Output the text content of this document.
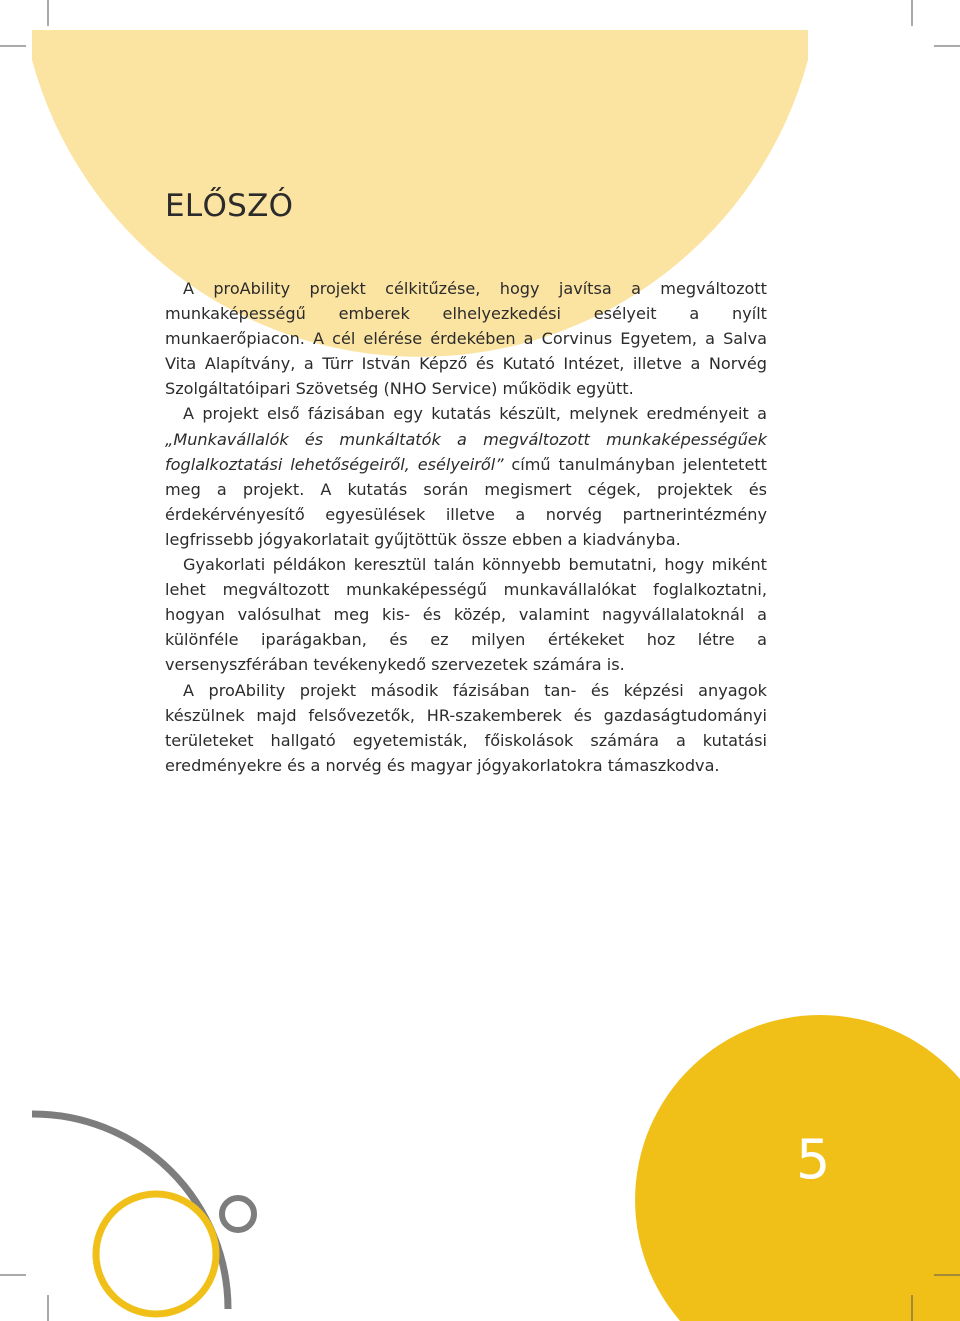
ELŐSZÓ

A proAbility projekt célkitűzése, hogy javítsa a megváltozott munkaképességű emberek elhelyezkedési esélyeit a nyílt munkaerőpiacon. A cél elérése érdekében a Corvinus Egyetem, a Salva Vita Alapítvány, a Türr István Képző és Kutató Intézet, illetve a Norvég Szolgáltatóipari Szövetség (NHO Service) működik együtt.

A projekt első fázisában egy kutatás készült, melynek eredményeit a „Munkavállalók és munkáltatók a megváltozott munkaképességűek foglalkoztatási lehetőségeiről, esélyeiről” című tanulmányban jelentetett meg a projekt. A kutatás során megismert cégek, projektek és érdekérvényesítő egyesülések illetve a norvég partnerintézmény legfrissebb jógyakorlatait gyűjtöttük össze ebben a kiadványba.

Gyakorlati példákon keresztül talán könnyebb bemutatni, hogy miként lehet megváltozott munkaképességű munkavállalókat foglalkoztatni, hogyan valósulhat meg kis- és közép, valamint nagyvállalatoknál a különféle iparágakban, és ez milyen értékeket hoz létre a versenyszférában tevékenykedő szervezetek számára is.

A proAbility projekt második fázisában tan- és képzési anyagok készülnek majd felsővezetők, HR-szakemberek és gazdaságtudományi területeket hallgató egyetemisták, főiskolások számára a kutatási eredményekre és a norvég és magyar jógyakorlatokra támaszkodva.

5
